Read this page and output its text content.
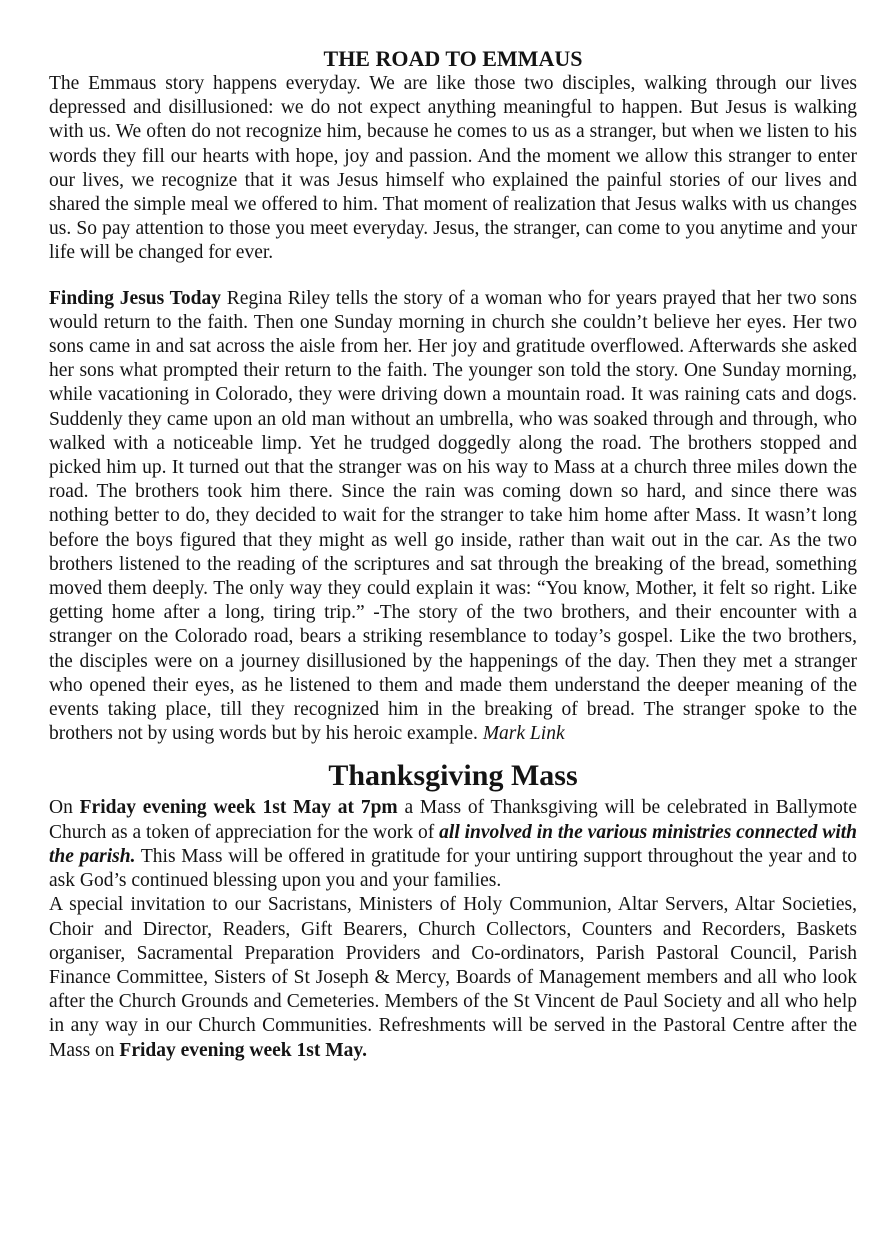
THE ROAD TO EMMAUS

The Emmaus story happens everyday. We are like those two disciples, walking through our lives depressed and disillusioned: we do not expect anything meaningful to happen. But Jesus is walking with us. We often do not recognize him, because he comes to us as a stranger, but when we listen to his words they fill our hearts with hope, joy and passion. And the moment we allow this stranger to enter our lives, we recognize that it was Jesus himself who explained the painful stories of our lives and shared the simple meal we offered to him. That moment of realization that Jesus walks with us changes us. So pay attention to those you meet everyday. Jesus, the stranger, can come to you anytime and your life will be changed for ever.

Finding Jesus Today Regina Riley tells the story of a woman who for years prayed that her two sons would return to the faith. Then one Sunday morning in church she couldn’t believe her eyes. Her two sons came in and sat across the aisle from her. Her joy and gratitude overflowed. Afterwards she asked her sons what prompted their return to the faith. The younger son told the story. One Sunday morning, while vacationing in Colorado, they were driving down a mountain road. It was raining cats and dogs. Suddenly they came upon an old man without an umbrella, who was soaked through and through, who walked with a noticeable limp. Yet he trudged doggedly along the road. The brothers stopped and picked him up. It turned out that the stranger was on his way to Mass at a church three miles down the road. The brothers took him there. Since the rain was coming down so hard, and since there was nothing better to do, they decided to wait for the stranger to take him home after Mass. It wasn’t long before the boys figured that they might as well go inside, rather than wait out in the car. As the two brothers listened to the reading of the scriptures and sat through the breaking of the bread, something moved them deeply. The only way they could explain it was: “You know, Mother, it felt so right. Like getting home after a long, tiring trip.” -The story of the two brothers, and their encounter with a stranger on the Colorado road, bears a striking resemblance to today’s gospel. Like the two brothers, the disciples were on a journey disillusioned by the happenings of the day. Then they met a stranger who opened their eyes, as he listened to them and made them understand the deeper meaning of the events taking place, till they recognized him in the breaking of bread. The stranger spoke to the brothers not by using words but by his heroic example. Mark Link

Thanksgiving Mass

On Friday evening week 1st May at 7pm a Mass of Thanksgiving will be celebrated in Ballymote Church as a token of appreciation for the work of all involved in the various ministries connected with the parish. This Mass will be offered in gratitude for your untiring support throughout the year and to ask God’s continued blessing upon you and your families.

A special invitation to our Sacristans, Ministers of Holy Communion, Altar Servers, Altar Societies, Choir and Director, Readers, Gift Bearers, Church Collectors, Counters and Recorders, Baskets organiser, Sacramental Preparation Providers and Co-ordinators, Parish Pastoral Council, Parish Finance Committee, Sisters of St Joseph & Mercy, Boards of Management members and all who look after the Church Grounds and Cemeteries. Members of the St Vincent de Paul Society and all who help in any way in our Church Communities. Refreshments will be served in the Pastoral Centre after the Mass on Friday evening week 1st May.
